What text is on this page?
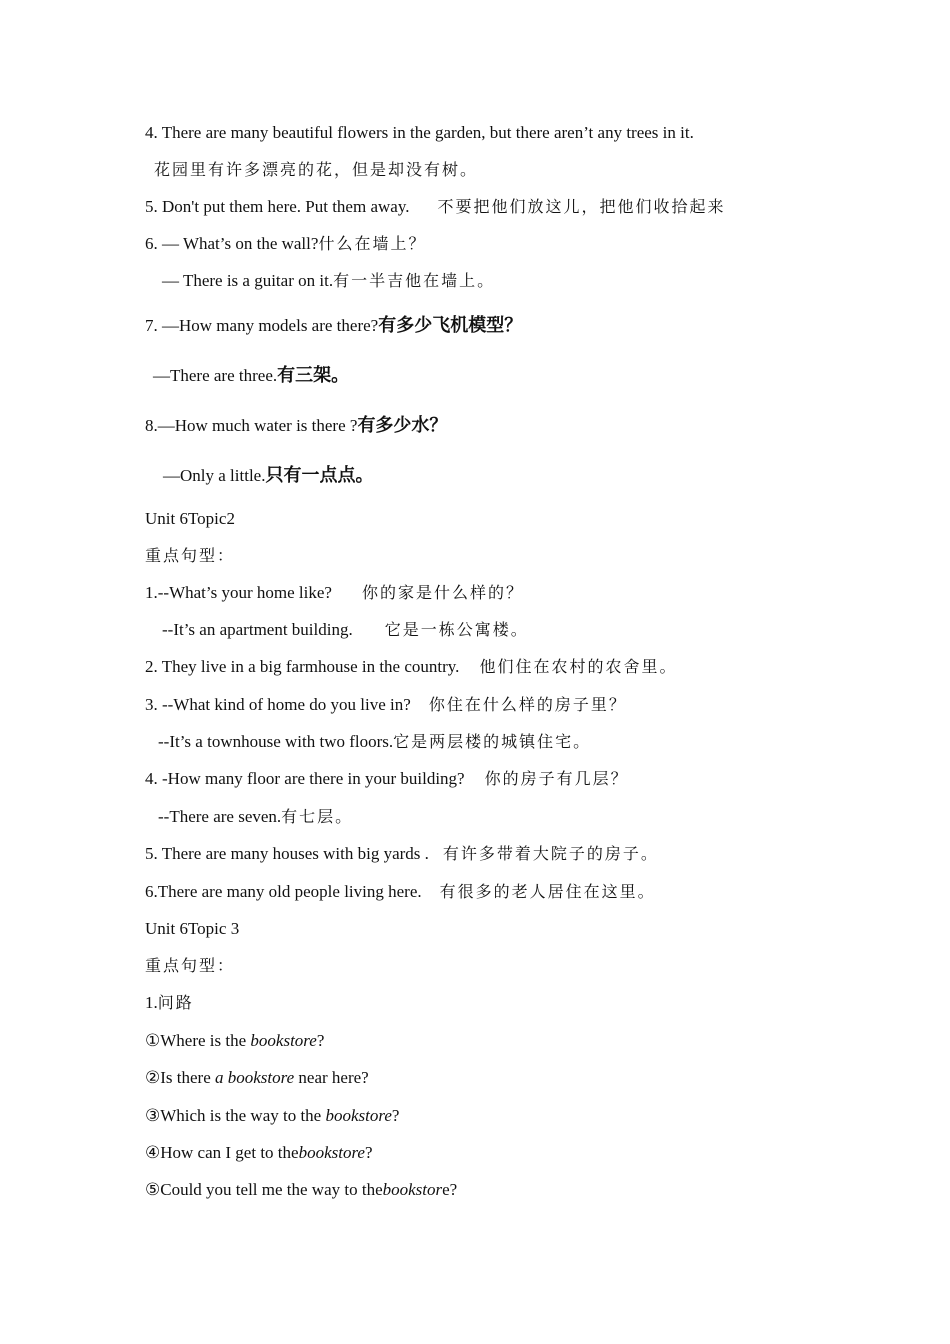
4. There are many beautiful flowers in the garden, but there aren’t any trees in it.
花园里有许多漂亮的花，但是却没有树。
5. Don't put them here. Put them away. 不要把他们放这儿，把他们收拾起来
6. — What’s on the wall?什么在墙上？
— There is a guitar on it.有一半吉他在墙上。
7. —How many models are there?有多少飞机模型？
—There are three.有三架。
8.—How much water is there ?有多少水？
—Only a little.只有一点点。
Unit 6Topic2
重点句型：
1.--What’s your home like? 你的家是什么样的？
--It’s an apartment building. 它是一栋公寓楼。
2. They live in a big farmhouse in the country. 他们住在农村的农舍里。
3. --What kind of home do you live in? 你住在什么样的房子里？
--It’s a townhouse with two floors.它是两层楼的城镇住宅。
4. -How many floor are there in your building? 你的房子有几层？
--There are seven.有七层。
5. There are many houses with big yards . 有许多带着大院子的房子。
6.There are many old people living here. 有很多的老人居住在这里。
Unit 6Topic 3
重点句型：
1.问路
①Where is the bookstore?
②Is there a bookstore near here?
③Which is the way to the bookstore?
④How can I get to thebookstore?
⑤Could you tell me the way to thebookstore?
